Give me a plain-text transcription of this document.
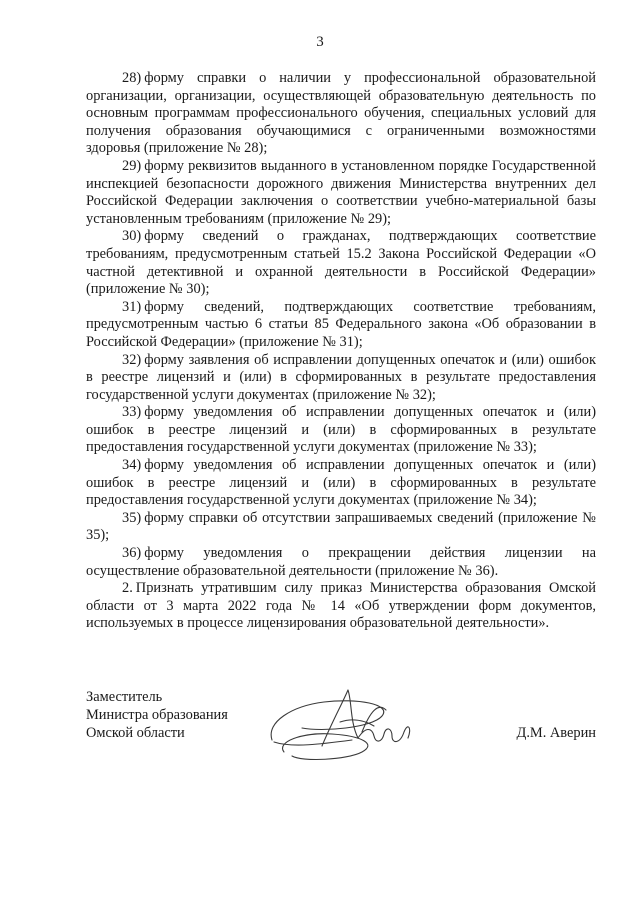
3

28) форму справки о наличии у профессиональной образовательной организации, организации, осуществляющей образовательную деятельность по основным программам профессионального обучения, специальных условий для получения образования обучающимися с ограниченными возможностями здоровья (приложение № 28);

29) форму реквизитов выданного в установленном порядке Государственной инспекцией безопасности дорожного движения Министерства внутренних дел Российской Федерации заключения о соответствии учебно-материальной базы установленным требованиям (приложение № 29);

30) форму сведений о гражданах, подтверждающих соответствие требованиям, предусмотренным статьей 15.2 Закона Российской Федерации «О частной детективной и охранной деятельности в Российской Федерации» (приложение № 30);

31) форму сведений, подтверждающих соответствие требованиям, предусмотренным частью 6 статьи 85 Федерального закона «Об образовании в Российской Федерации» (приложение № 31);

32) форму заявления об исправлении допущенных опечаток и (или) ошибок в реестре лицензий и (или) в сформированных в результате предоставления государственной услуги документах (приложение № 32);

33) форму уведомления об исправлении допущенных опечаток и (или) ошибок в реестре лицензий и (или) в сформированных в результате предоставления государственной услуги документах (приложение № 33);

34) форму уведомления об исправлении допущенных опечаток и (или) ошибок в реестре лицензий и (или) в сформированных в результате предоставления государственной услуги документах (приложение № 34);

35) форму справки об отсутствии запрашиваемых сведений (приложение № 35);

36) форму уведомления о прекращении действия лицензии на осуществление образовательной деятельности (приложение № 36).

2. Признать утратившим силу приказ Министерства образования Омской области от 3 марта 2022 года № 14 «Об утверждении форм документов, используемых в процессе лицензирования образовательной деятельности».

Заместитель
Министра образования
Омской области	Д.М. Аверин
